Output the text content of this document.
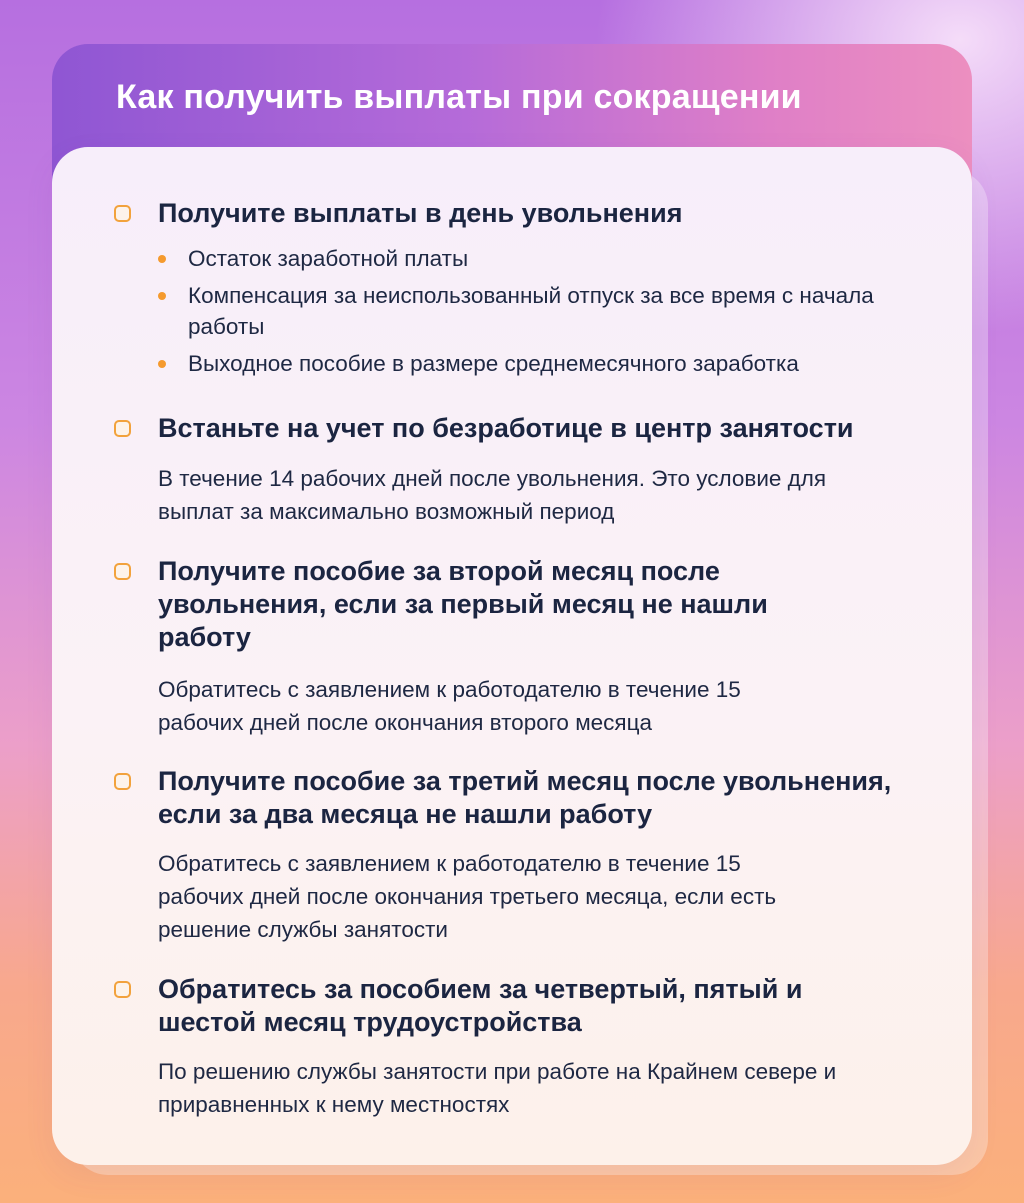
Как получить выплаты при сокращении
Получите выплаты в день увольнения
Остаток заработной платы
Компенсация за неиспользованный отпуск за все время с начала работы
Выходное пособие в размере среднемесячного заработка
Встаньте на учет по безработице в центр занятости

В течение 14 рабочих дней после увольнения. Это условие для выплат за максимально возможный период

Получите пособие за второй месяц после увольнения, если за первый месяц не нашли работу

Обратитесь с заявлением к работодателю в течение 15 рабочих дней после окончания второго месяца

Получите пособие за третий месяц после увольнения, если за два месяца не нашли работу

Обратитесь с заявлением к работодателю в течение 15 рабочих дней после окончания третьего месяца, если есть решение службы занятости

Обратитесь за пособием за четвертый, пятый и шестой месяц трудоустройства

По решению службы занятости при работе на Крайнем севере и приравненных к нему местностях
